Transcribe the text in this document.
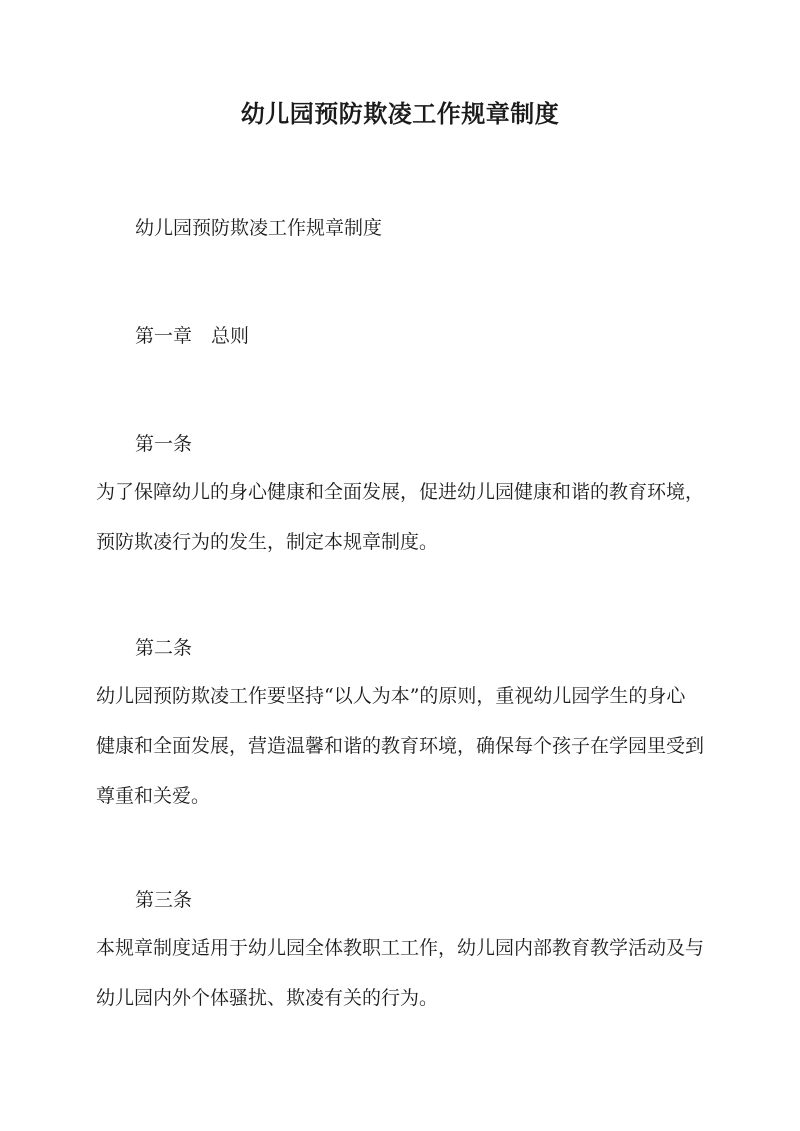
幼儿园预防欺凌工作规章制度
幼儿园预防欺凌工作规章制度
第一章　总则
第一条
为了保障幼儿的身心健康和全面发展，促进幼儿园健康和谐的教育环境，
预防欺凌行为的发生，制定本规章制度。
第二条
幼儿园预防欺凌工作要坚持“以人为本”的原则，重视幼儿园学生的身心
健康和全面发展，营造温馨和谐的教育环境，确保每个孩子在学园里受到
尊重和关爱。
第三条
本规章制度适用于幼儿园全体教职工工作，幼儿园内部教育教学活动及与
幼儿园内外个体骚扰、欺凌有关的行为。
